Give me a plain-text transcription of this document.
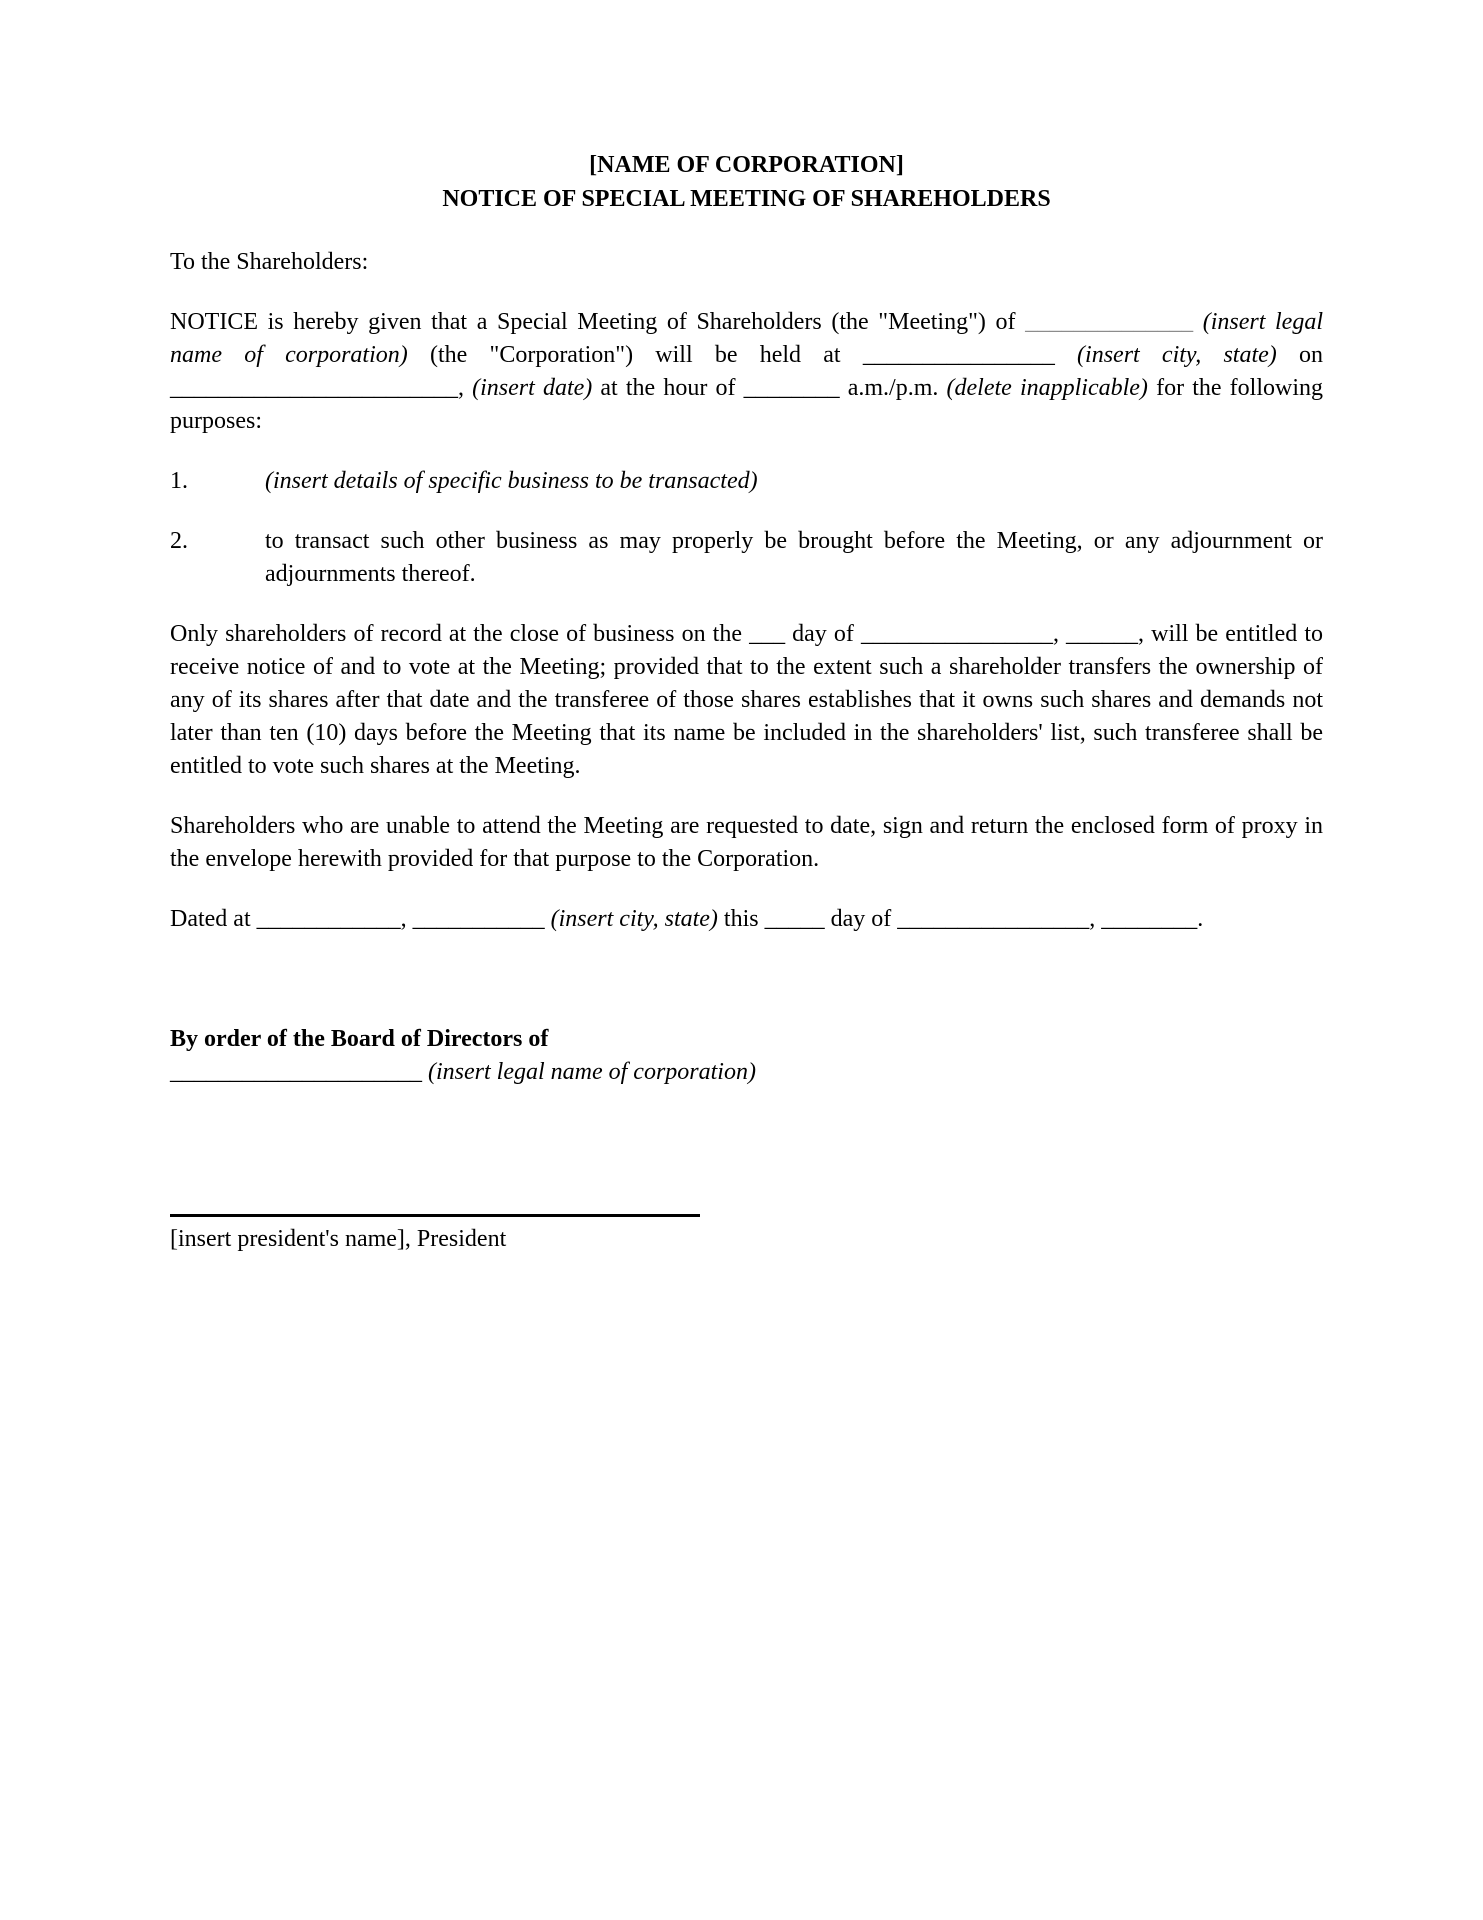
[NAME OF CORPORATION]

NOTICE OF SPECIAL MEETING OF SHAREHOLDERS

To the Shareholders:

NOTICE is hereby given that a Special Meeting of Shareholders (the "Meeting") of ______________ (insert legal name of corporation) (the "Corporation") will be held at ________________ (insert city, state) on ________________________, (insert date) at the hour of ________ a.m./p.m. (delete inapplicable) for the following purposes:

1.	(insert details of specific business to be transacted)
2.	to transact such other business as may properly be brought before the Meeting, or any adjournment or adjournments thereof.

Only shareholders of record at the close of business on the ___ day of ________________, ______, will be entitled to receive notice of and to vote at the Meeting; provided that to the extent such a shareholder transfers the ownership of any of its shares after that date and the transferee of those shares establishes that it owns such shares and demands not later than ten (10) days before the Meeting that its name be included in the shareholders' list, such transferee shall be entitled to vote such shares at the Meeting.

Shareholders who are unable to attend the Meeting are requested to date, sign and return the enclosed form of proxy in the envelope herewith provided for that purpose to the Corporation.

Dated at ____________, ___________ (insert city, state) this _____ day of ________________, ________.

By order of the Board of Directors of

_____________________ (insert legal name of corporation)

[insert president's name], President
